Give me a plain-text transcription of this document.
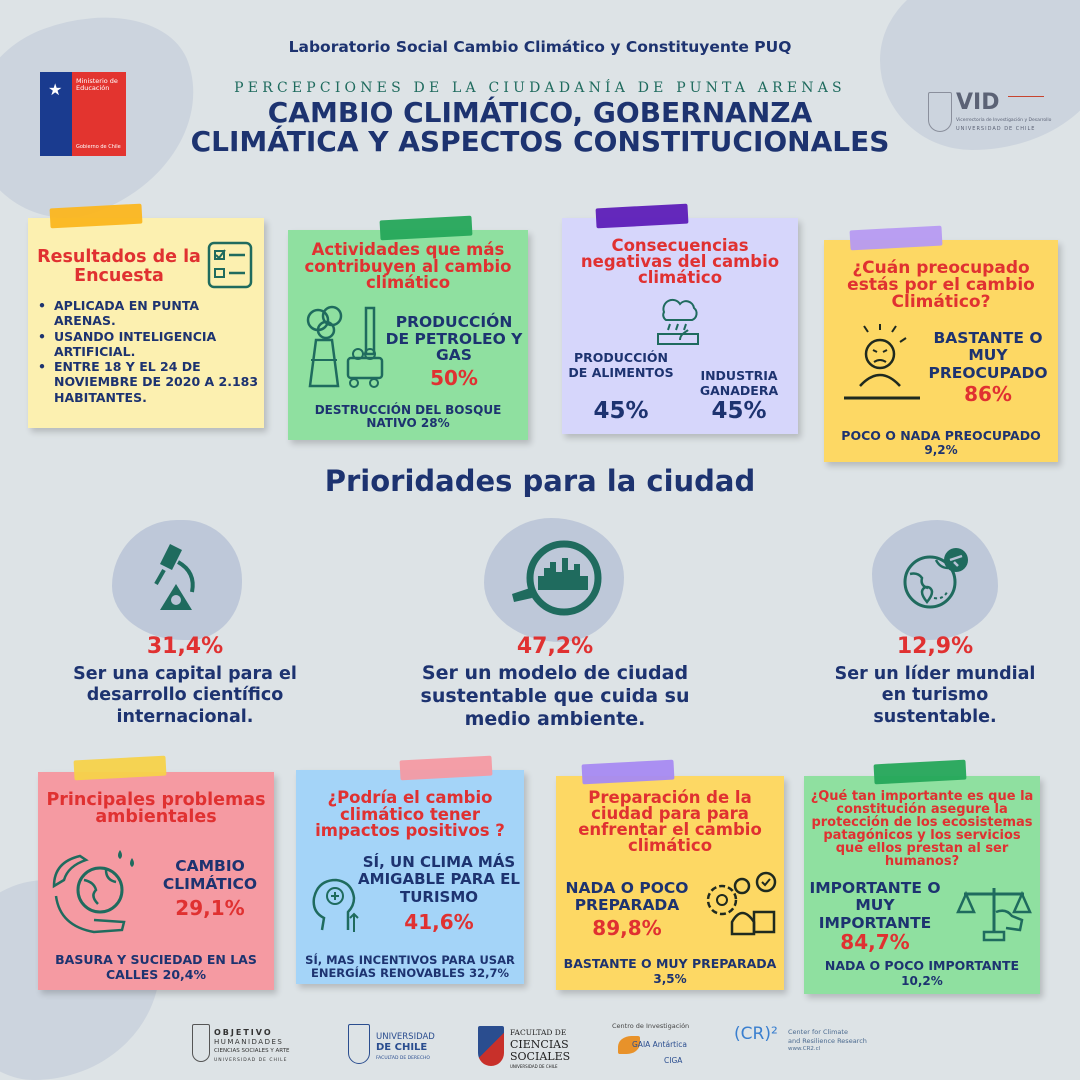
Laboratorio Social Cambio Climático y Constituyente PUQ
★ Ministerio de
Educación
Gobierno de Chile
PERCEPCIONES DE LA CIUDADANÍA DE PUNTA ARENAS
CAMBIO CLIMÁTICO, GOBERNANZA
CLIMÁTICA Y ASPECTOS CONSTITUCIONALES
VID
Vicerrectoría de Investigación y Desarrollo
UNIVERSIDAD DE CHILE
Resultados de la Encuesta
• APLICADA EN PUNTA ARENAS.
• USANDO INTELIGENCIA ARTIFICIAL.
• ENTRE 18 Y EL 24 DE NOVIEMBRE DE 2020 A 2.183 HABITANTES.
Actividades que más contribuyen al cambio climático
PRODUCCIÓN DE PETROLEO Y GAS
50%
DESTRUCCIÓN DEL BOSQUE NATIVO 28%
Consecuencias negativas del cambio climático
PRODUCCIÓN DE ALIMENTOS
45%
INDUSTRIA GANADERA
45%
¿Cuán preocupado estás por el cambio Climático?
BASTANTE O MUY PREOCUPADO
86%
POCO O NADA PREOCUPADO
9,2%
Prioridades para la ciudad
31,4%
Ser una capital para el desarrollo científico internacional.
47,2%
Ser un modelo de ciudad sustentable que cuida su medio ambiente.
12,9%
Ser un líder mundial en turismo sustentable.
Principales problemas ambientales
CAMBIO CLIMÁTICO
29,1%
BASURA Y SUCIEDAD EN LAS CALLES 20,4%
¿Podría el cambio climático tener impactos positivos ?
SÍ, UN CLIMA MÁS AMIGABLE PARA EL TURISMO
41,6%
SÍ, MAS INCENTIVOS PARA USAR ENERGÍAS RENOVABLES 32,7%
Preparación de la ciudad para para enfrentar el cambio climático
NADA O POCO PREPARADA
89,8%
BASTANTE O MUY PREPARADA
3,5%
¿Qué tan importante es que la constitución asegure la protección de los ecosistemas patagónicos y los servicios que ellos prestan al ser humanos?
IMPORTANTE O MUY IMPORTANTE
84,7%
NADA O POCO IMPORTANTE
10,2%
OBJETIVO
HUMANIDADES
CIENCIAS SOCIALES Y ARTE
UNIVERSIDAD DE CHILE
UNIVERSIDAD
DE CHILE
FACULTAD DE DERECHO
FACULTAD DE
CIENCIAS
SOCIALES
UNIVERSIDAD DE CHILE
Centro de Investigación
GAIA Antártica
CIGA
(CR)² Center for Climate
and Resilience Research
www.CR2.cl
